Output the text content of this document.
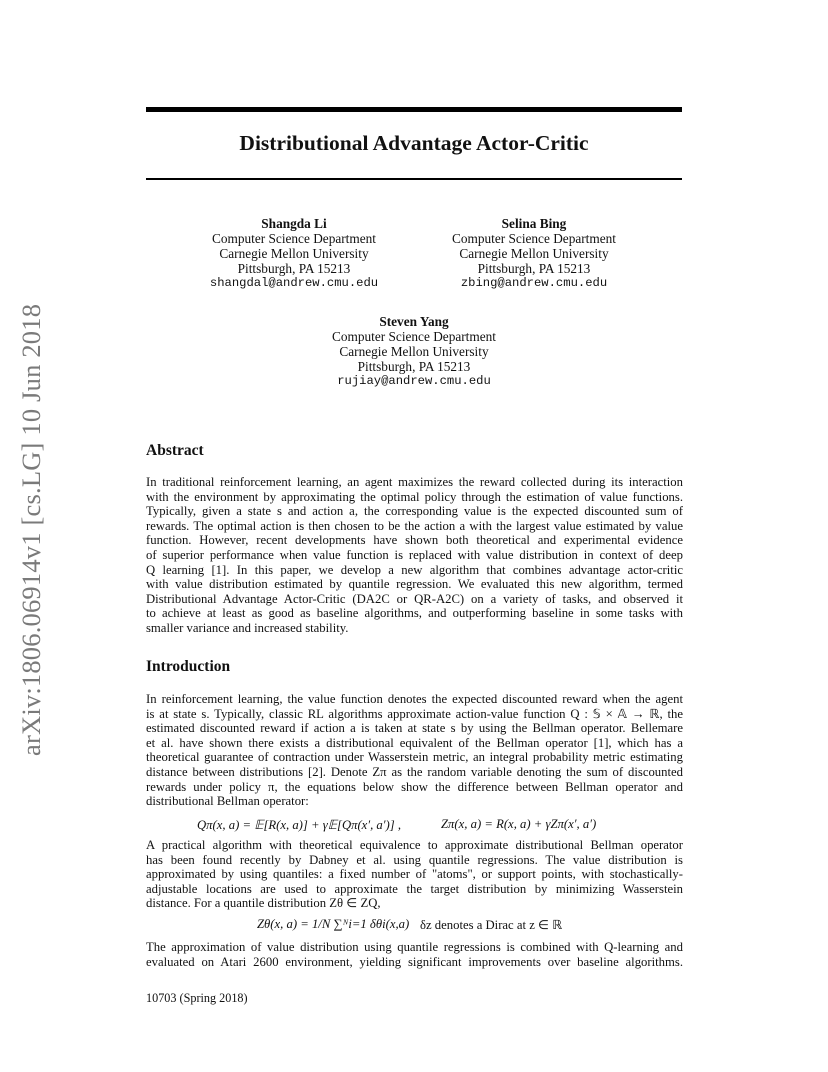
arXiv:1806.06914v1 [cs.LG] 10 Jun 2018
Distributional Advantage Actor-Critic
Shangda Li
Computer Science Department
Carnegie Mellon University
Pittsburgh, PA 15213
shangdal@andrew.cmu.edu
Selina Bing
Computer Science Department
Carnegie Mellon University
Pittsburgh, PA 15213
zbing@andrew.cmu.edu
Steven Yang
Computer Science Department
Carnegie Mellon University
Pittsburgh, PA 15213
rujiay@andrew.cmu.edu
Abstract
In traditional reinforcement learning, an agent maximizes the reward collected during its interaction
with the environment by approximating the optimal policy through the estimation of value functions.
Typically, given a state s and action a, the corresponding value is the expected discounted sum of
rewards. The optimal action is then chosen to be the action a with the largest value estimated by value
function. However, recent developments have shown both theoretical and experimental evidence
of superior performance when value function is replaced with value distribution in context of deep
Q learning [1]. In this paper, we develop a new algorithm that combines advantage actor-critic
with value distribution estimated by quantile regression. We evaluated this new algorithm, termed
Distributional Advantage Actor-Critic (DA2C or QR-A2C) on a variety of tasks, and observed it
to achieve at least as good as baseline algorithms, and outperforming baseline in some tasks with
smaller variance and increased stability.
Introduction
In reinforcement learning, the value function denotes the expected discounted reward when the agent
is at state s. Typically, classic RL algorithms approximate action-value function Q : 𝕊 × 𝔸 → ℝ, the
estimated discounted reward if action a is taken at state s by using the Bellman operator. Bellemare
et al. have shown there exists a distributional equivalent of the Bellman operator [1], which has a
theoretical guarantee of contraction under Wasserstein metric, an integral probability metric estimating
distance between distributions [2]. Denote Zπ as the random variable denoting the sum of discounted
rewards under policy π, the equations below show the difference between Bellman operator and
distributional Bellman operator:
Qπ(x, a) = 𝔼[R(x, a)] + γ𝔼[Qπ(x′, a′)] ,	Zπ(x, a) = R(x, a) + γZπ(x′, a′)
A practical algorithm with theoretical equivalence to approximate distributional Bellman operator
has been found recently by Dabney et al. using quantile regressions. The value distribution is
approximated by using quantiles: a fixed number of "atoms", or support points, with stochastically-
adjustable locations are used to approximate the target distribution by minimizing Wasserstein
distance. For a quantile distribution Zθ ∈ ZQ,
Zθ(x, a) = 1/N ∑ᴺi=1 δθi(x,a) δz denotes a Dirac at z ∈ ℝ
The approximation of value distribution using quantile regressions is combined with Q-learning and
evaluated on Atari 2600 environment, yielding significant improvements over baseline algorithms.
10703 (Spring 2018)
